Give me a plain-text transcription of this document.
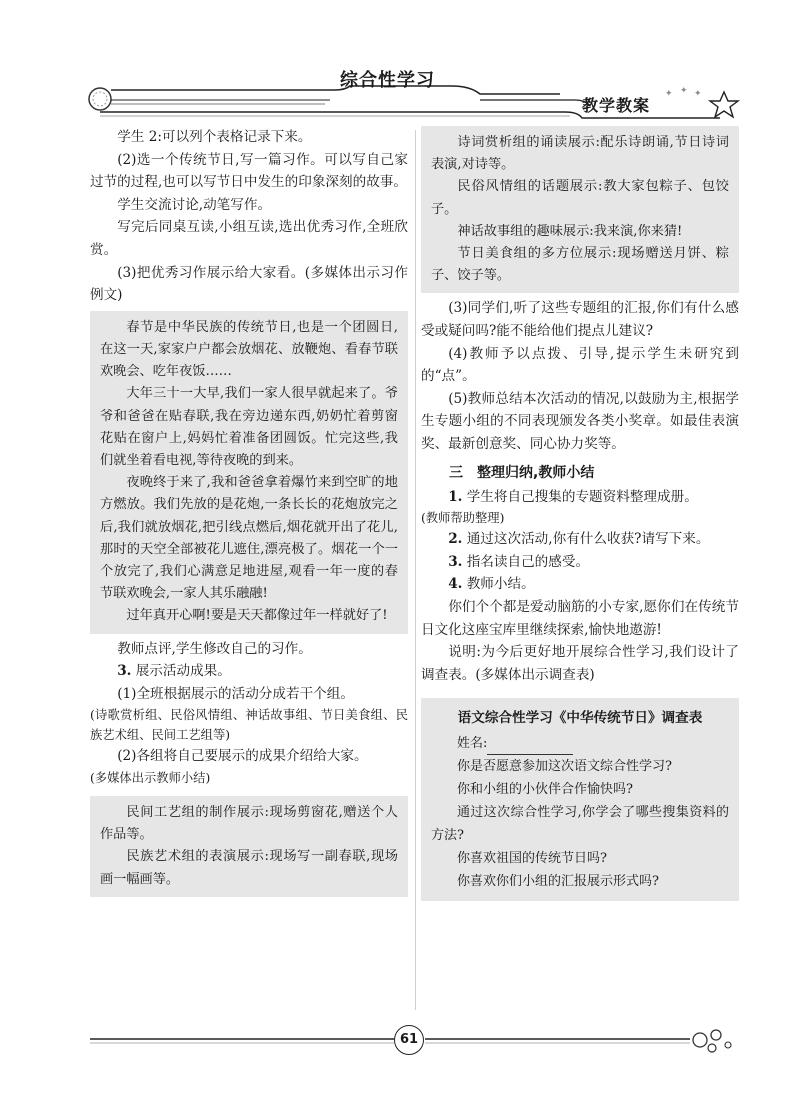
✦ ✦ ✦
综合性学习
教学教案

学生 2:可以列个表格记录下来。

(2)选一个传统节日,写一篇习作。可以写自己家过节的过程,也可以写节日中发生的印象深刻的故事。

学生交流讨论,动笔写作。

写完后同桌互读,小组互读,选出优秀习作,全班欣赏。

(3)把优秀习作展示给大家看。(多媒体出示习作例文)

春节是中华民族的传统节日,也是一个团圆日,在这一天,家家户户都会放烟花、放鞭炮、看春节联欢晚会、吃年夜饭……

大年三十一大早,我们一家人很早就起来了。爷爷和爸爸在贴春联,我在旁边递东西,奶奶忙着剪窗花贴在窗户上,妈妈忙着准备团圆饭。忙完这些,我们就坐着看电视,等待夜晚的到来。

夜晚终于来了,我和爸爸拿着爆竹来到空旷的地方燃放。我们先放的是花炮,一条长长的花炮放完之后,我们就放烟花,把引线点燃后,烟花就开出了花儿,那时的天空全部被花儿遮住,漂亮极了。烟花一个一个放完了,我们心满意足地进屋,观看一年一度的春节联欢晚会,一家人其乐融融!

过年真开心啊!要是天天都像过年一样就好了!

教师点评,学生修改自己的习作。

3. 展示活动成果。

(1)全班根据展示的活动分成若干个组。

(诗歌赏析组、民俗风情组、神话故事组、节日美食组、民族艺术组、民间工艺组等)

(2)各组将自己要展示的成果介绍给大家。

(多媒体出示教师小结)

民间工艺组的制作展示:现场剪窗花,赠送个人作品等。

民族艺术组的表演展示:现场写一副春联,现场画一幅画等。

诗词赏析组的诵读展示:配乐诗朗诵,节日诗词表演,对诗等。

民俗风情组的话题展示:教大家包粽子、包饺子。

神话故事组的趣味展示:我来演,你来猜!

节日美食组的多方位展示:现场赠送月饼、粽子、饺子等。

(3)同学们,听了这些专题组的汇报,你们有什么感受或疑问吗?能不能给他们提点儿建议?

(4)教师予以点拨、引导,提示学生未研究到的“点”。

(5)教师总结本次活动的情况,以鼓励为主,根据学生专题小组的不同表现颁发各类小奖章。如最佳表演奖、最新创意奖、同心协力奖等。

三　整理归纳,教师小结

1. 学生将自己搜集的专题资料整理成册。

(教师帮助整理)

2. 通过这次活动,你有什么收获?请写下来。

3. 指名读自己的感受。

4. 教师小结。

你们个个都是爱动脑筋的小专家,愿你们在传统节日文化这座宝库里继续探索,愉快地遨游!

说明:为今后更好地开展综合性学习,我们设计了调查表。(多媒体出示调查表)

语文综合性学习《中华传统节日》调查表

姓名:

你是否愿意参加这次语文综合性学习?

你和小组的小伙伴合作愉快吗?

通过这次综合性学习,你学会了哪些搜集资料的方法?

你喜欢祖国的传统节日吗?

你喜欢你们小组的汇报展示形式吗?

61
